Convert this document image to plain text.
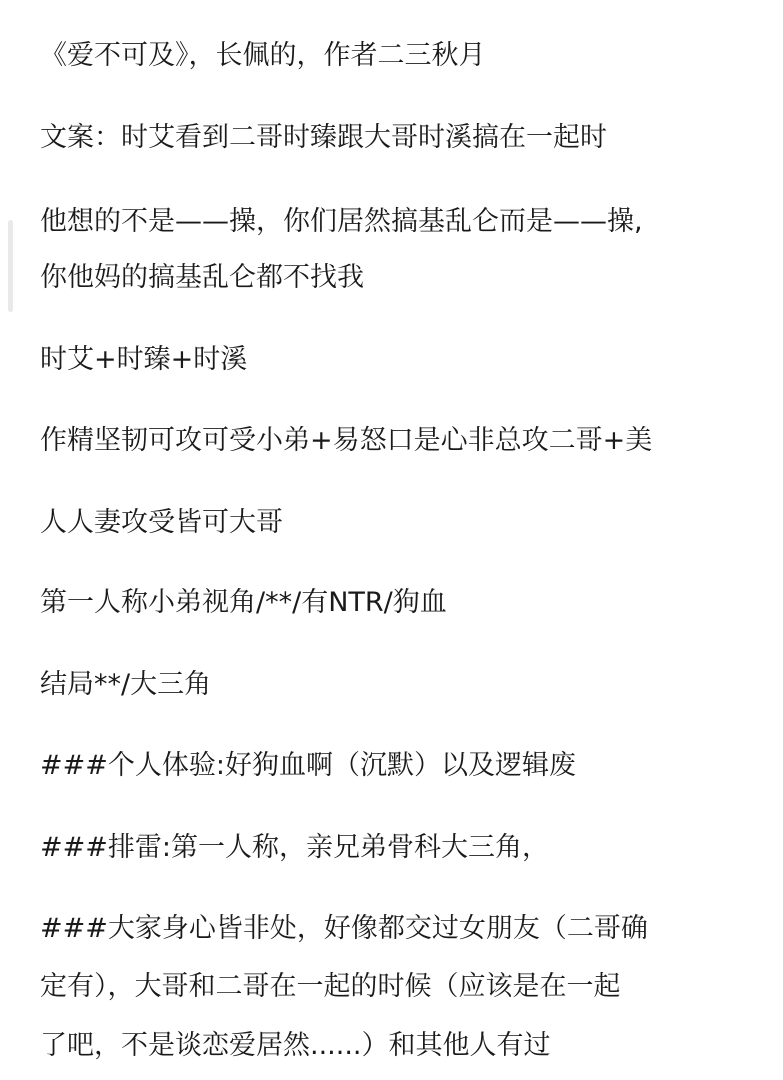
《爱不可及》，长佩的，作者二三秋月

文案：时艾看到二哥时臻跟大哥时溪搞在一起时

他想的不是——操，你们居然搞基乱仑而是——操,

你他妈的搞基乱仑都不找我

时艾+时臻+时溪

作精坚韧可攻可受小弟+易怒口是心非总攻二哥+美

人人妻攻受皆可大哥

第一人称小弟视角/**/有NTR/狗血

结局**/大三角

###个人体验:好狗血啊（沉默）以及逻辑废

###排雷:第一人称，亲兄弟骨科大三角，

###大家身心皆非处，好像都交过女朋友（二哥确

定有），大哥和二哥在一起的时候（应该是在一起

了吧，不是谈恋爱居然......）和其他人有过
